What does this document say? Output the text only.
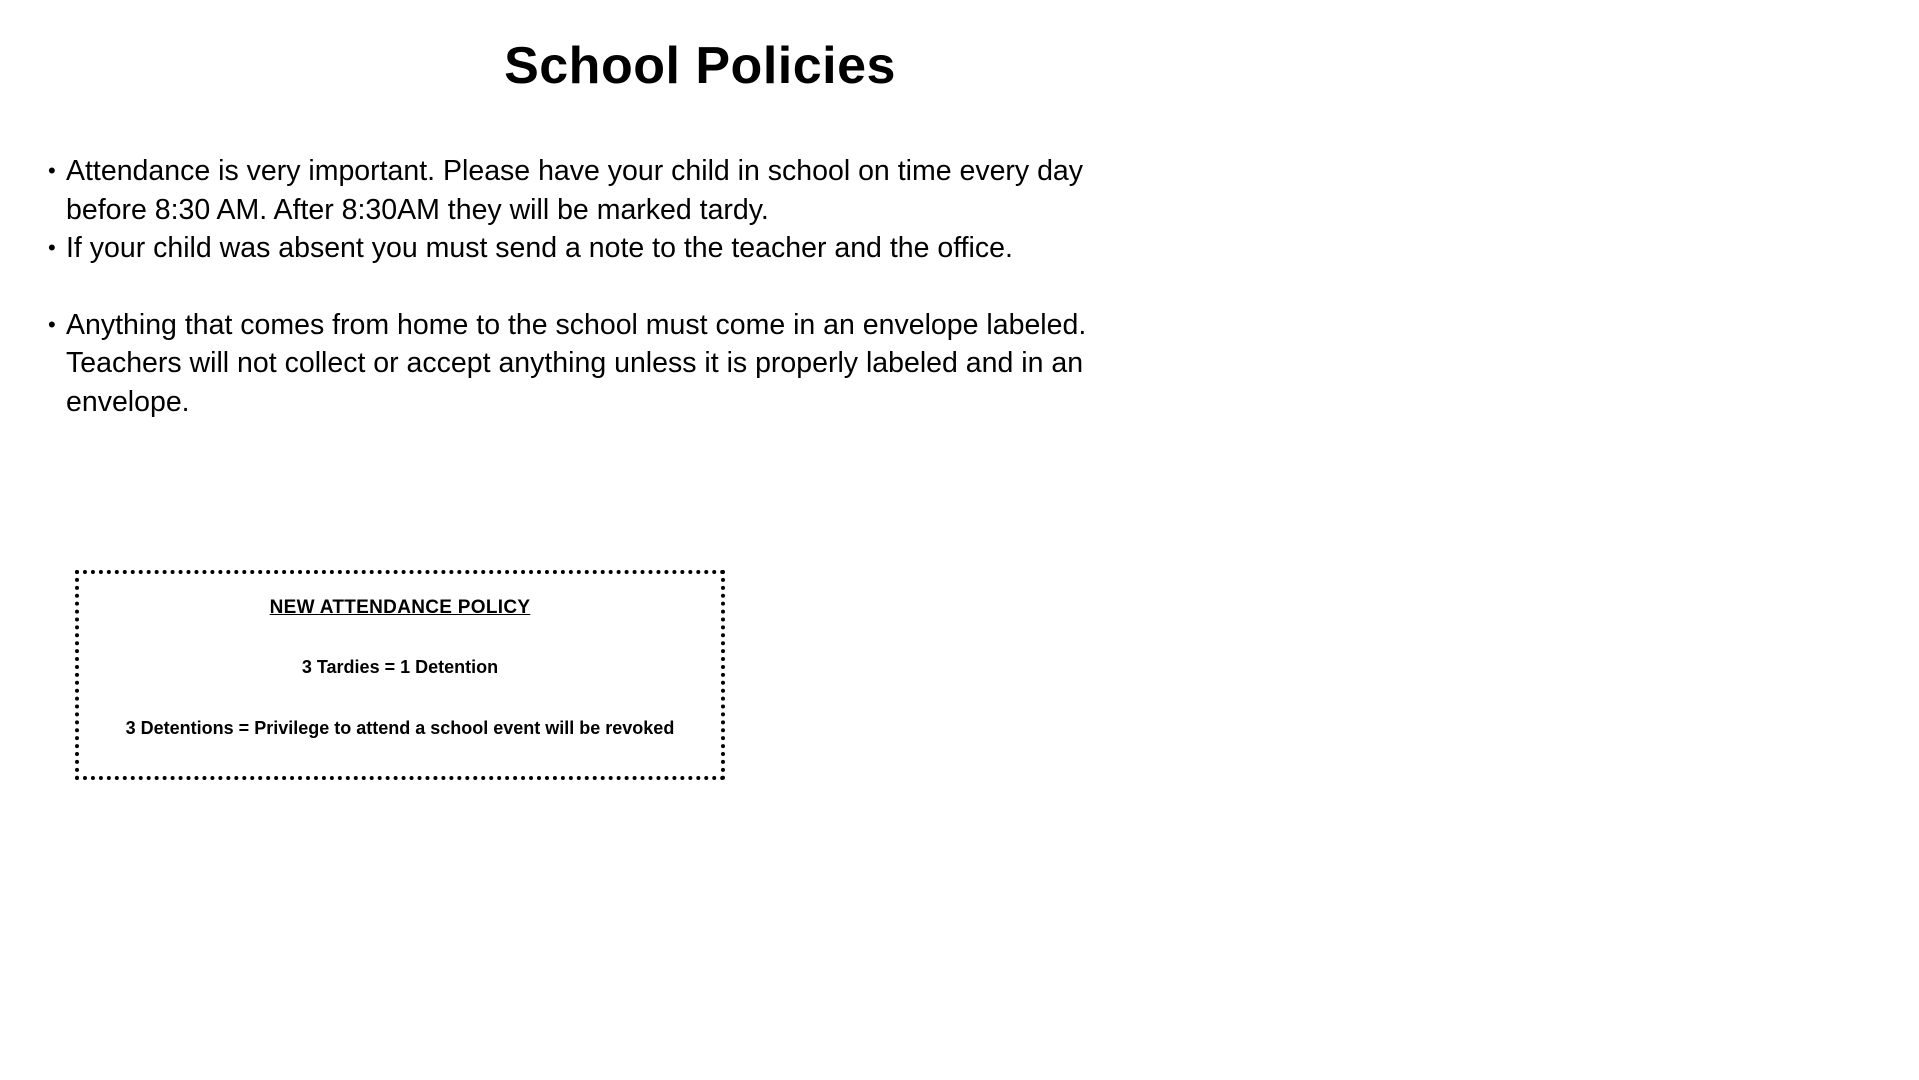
School Policies
• Attendance is very important. Please have your child in school on time every day before 8:30 AM. After 8:30AM they will be marked tardy.
• If your child was absent you must send a note to the teacher and the office.
• Anything that comes from home to the school must come in an envelope labeled. Teachers will not collect or accept anything unless it is properly labeled and in an envelope.
NEW ATTENDANCE POLICY
3 Tardies = 1 Detention
3 Detentions = Privilege to attend a school event will be revoked
